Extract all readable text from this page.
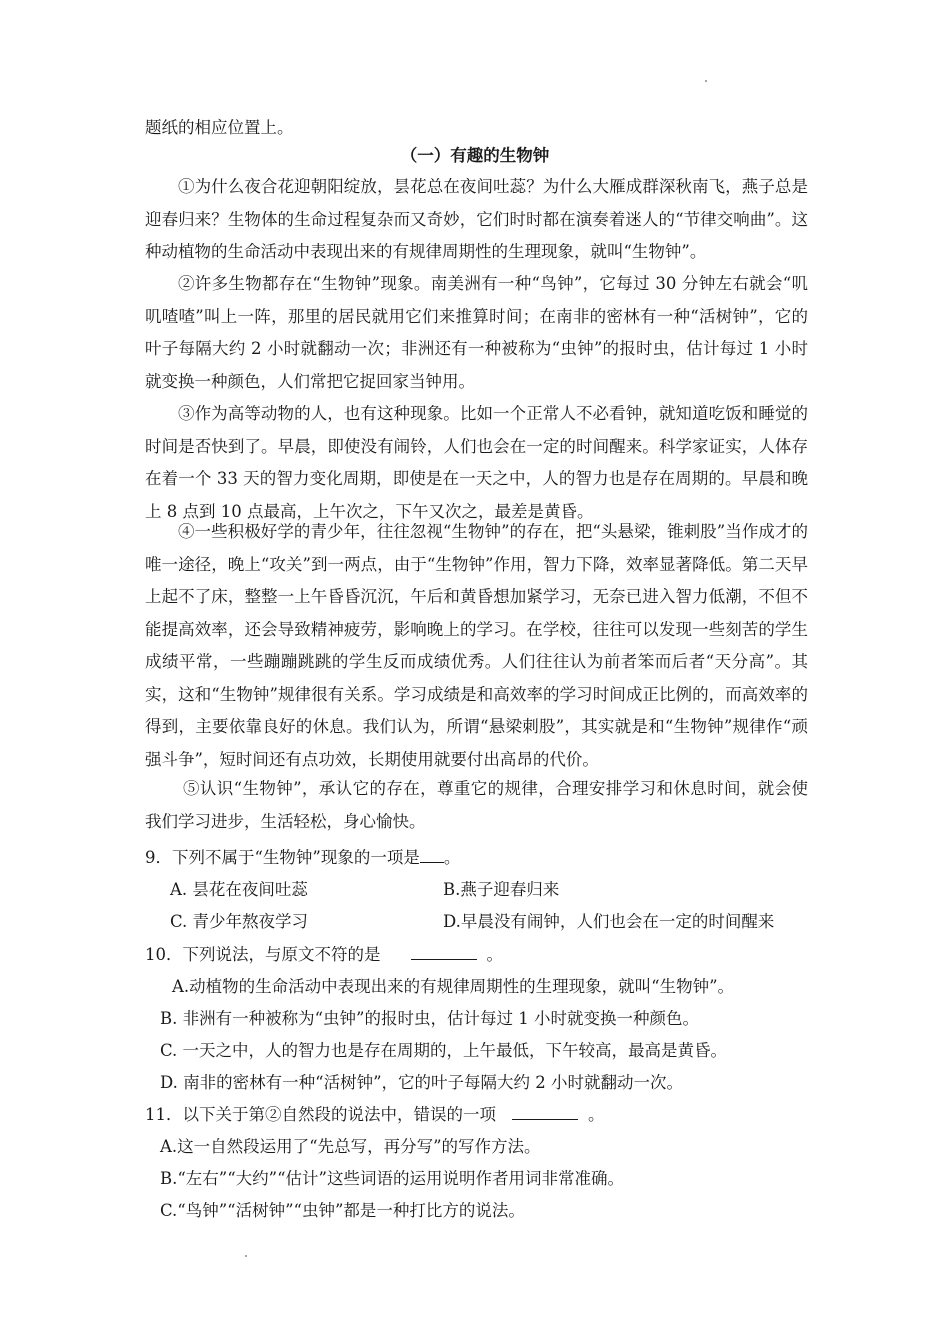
题纸的相应位置上。
（一）有趣的生物钟
①为什么夜合花迎朝阳绽放，昙花总在夜间吐蕊？为什么大雁成群深秋南飞，燕子总是迎春归来？生物体的生命过程复杂而又奇妙，它们时时都在演奏着迷人的“节律交响曲”。这种动植物的生命活动中表现出来的有规律周期性的生理现象，就叫“生物钟”。
②许多生物都存在“生物钟”现象。南美洲有一种“鸟钟”，它每过 30 分钟左右就会“叽叽喳喳”叫上一阵，那里的居民就用它们来推算时间；在南非的密林有一种“活树钟”，它的叶子每隔大约 2 小时就翻动一次；非洲还有一种被称为“虫钟”的报时虫，估计每过 1 小时就变换一种颜色，人们常把它捉回家当钟用。
③作为高等动物的人，也有这种现象。比如一个正常人不必看钟，就知道吃饭和睡觉的时间是否快到了。早晨，即使没有闹铃，人们也会在一定的时间醒来。科学家证实，人体存在着一个 33 天的智力变化周期，即使是在一天之中，人的智力也是存在周期的。早晨和晚上 8 点到 10 点最高，上午次之，下午又次之，最差是黄昏。
④一些积极好学的青少年，往往忽视“生物钟”的存在，把“头悬梁，锥刺股”当作成才的唯一途径，晚上“攻关”到一两点，由于“生物钟”作用，智力下降，效率显著降低。第二天早上起不了床，整整一上午昏昏沉沉，午后和黄昏想加紧学习，无奈已进入智力低潮，不但不能提高效率，还会导致精神疲劳，影响晚上的学习。在学校，往往可以发现一些刻苦的学生成绩平常，一些蹦蹦跳跳的学生反而成绩优秀。人们往往认为前者笨而后者“天分高”。其实，这和“生物钟”规律很有关系。学习成绩是和高效率的学习时间成正比例的，而高效率的得到，主要依靠良好的休息。我们认为，所谓“悬梁刺股”，其实就是和“生物钟”规律作“顽强斗争”，短时间还有点功效，长期使用就要付出高昂的代价。
⑤认识“生物钟”，承认它的存在，尊重它的规律，合理安排学习和休息时间，就会使我们学习进步，生活轻松，身心愉快。
9．下列不属于“生物钟”现象的一项是 。
A. 昙花在夜间吐蕊	B.燕子迎春归来
C. 青少年熬夜学习	D.早晨没有闹钟，人们也会在一定的时间醒来
10．下列说法，与原文不符的是	。
A.动植物的生命活动中表现出来的有规律周期性的生理现象，就叫“生物钟”。
B. 非洲有一种被称为“虫钟”的报时虫，估计每过 1 小时就变换一种颜色。
C. 一天之中，人的智力也是存在周期的，上午最低，下午较高，最高是黄昏。
D. 南非的密林有一种“活树钟”，它的叶子每隔大约 2 小时就翻动一次。
11．以下关于第②自然段的说法中，错误的一项	。
A.这一自然段运用了“先总写，再分写”的写作方法。
B.“左右”“大约”“估计”这些词语的运用说明作者用词非常准确。
C.“鸟钟”“活树钟”“虫钟”都是一种打比方的说法。
